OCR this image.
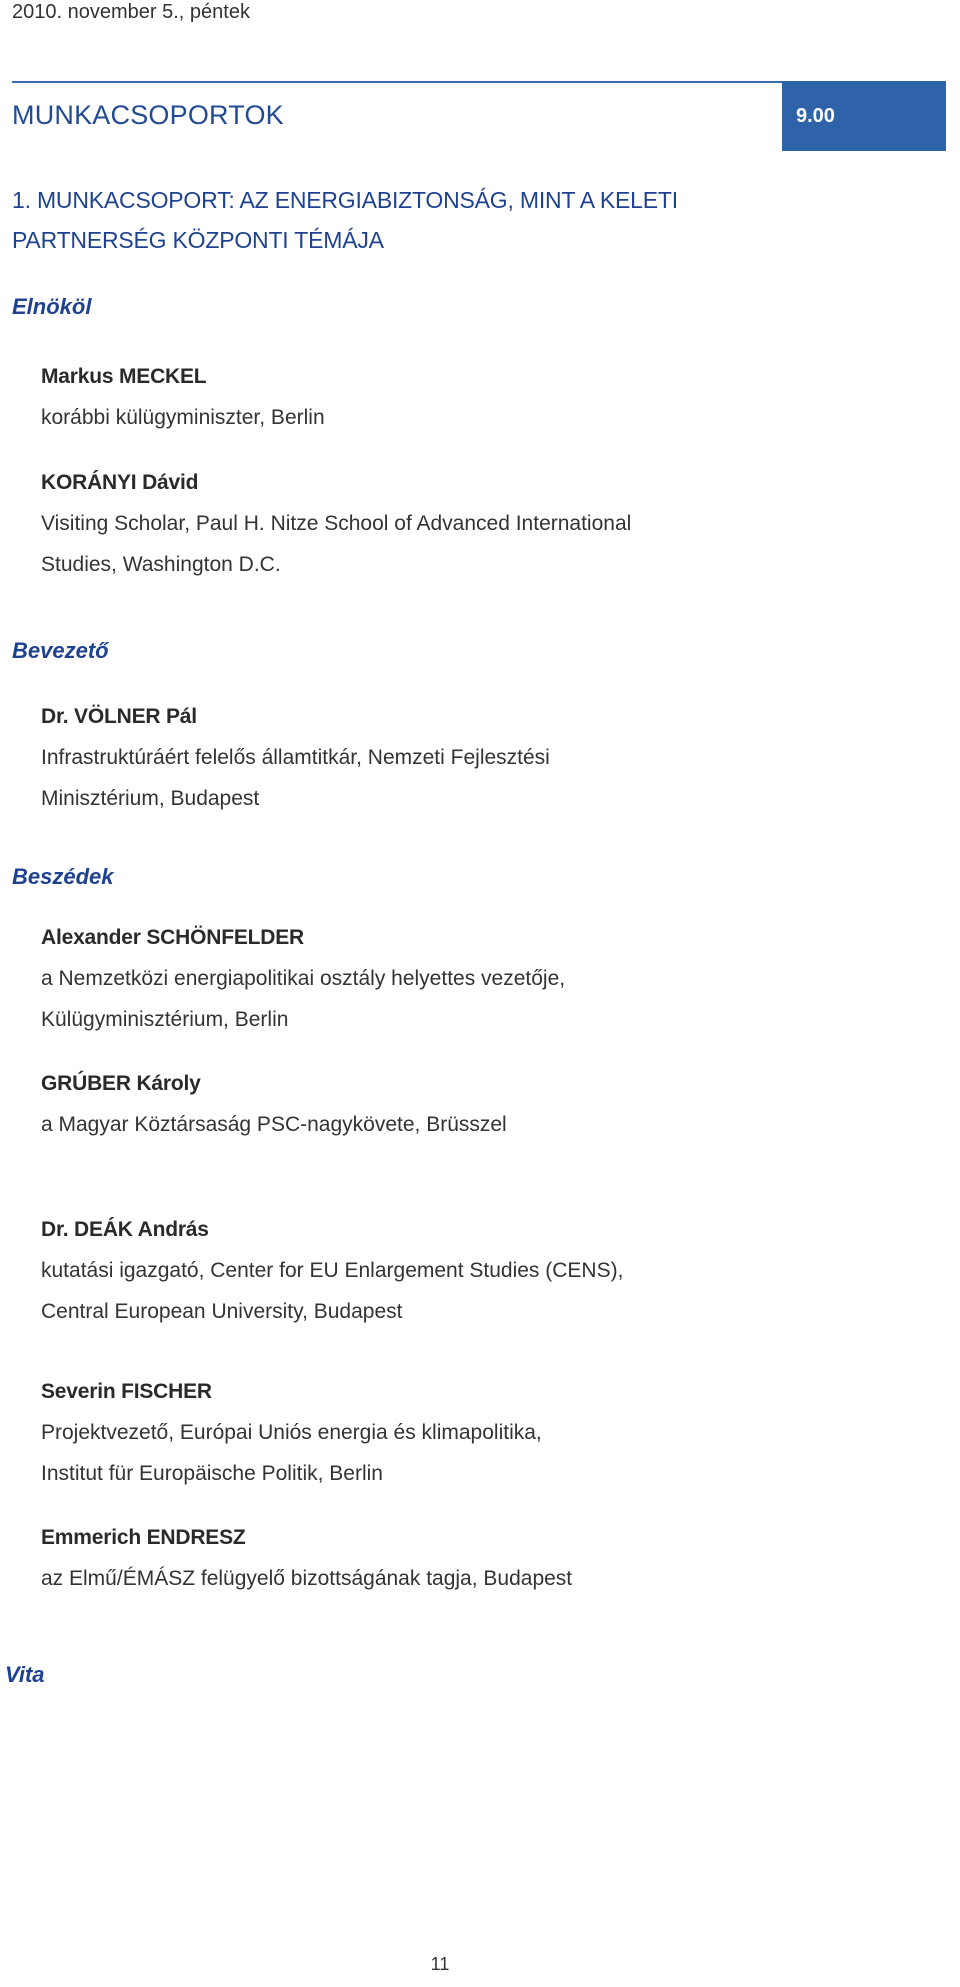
2010. november 5., péntek
MUNKACSOPORTOK	9.00
1. MUNKACSOPORT: AZ ENERGIABIZTONSÁG, MINT A KELETI
PARTNERSÉG KÖZPONTI TÉMÁJA
Elnököl
Markus MECKEL
korábbi külügyminiszter, Berlin
KORÁNYI Dávid
Visiting Scholar, Paul H. Nitze School of Advanced International
Studies, Washington D.C.
Bevezető
Dr. VÖLNER Pál
Infrastruktúráért felelős államtitkár, Nemzeti Fejlesztési
Minisztérium, Budapest
Beszédek
Alexander SCHÖNFELDER
a Nemzetközi energiapolitikai osztály helyettes vezetője,
Külügyminisztérium, Berlin
GRÚBER Károly
a Magyar Köztársaság PSC-nagykövete, Brüsszel
Dr. DEÁK András
kutatási igazgató, Center for EU Enlargement Studies (CENS),
Central European University, Budapest
Severin FISCHER
Projektvezető, Európai Uniós energia és klimapolitika,
Institut für Europäische Politik, Berlin
Emmerich ENDRESZ
az Elmű/ÉMÁSZ felügyelő bizottságának tagja, Budapest
Vita
11
